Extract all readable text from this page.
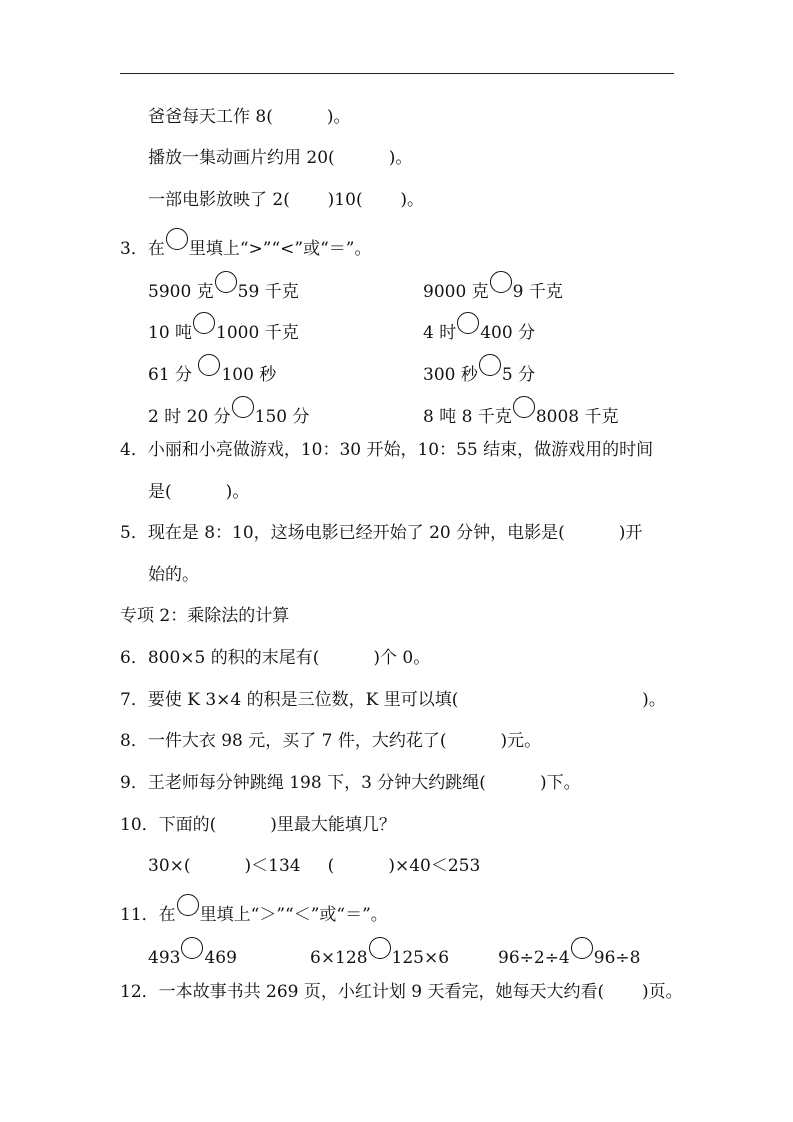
爸爸每天工作 8(          )。
播放一集动画片约用 20(          )。
一部电影放映了 2(       )10(       )。
3．在 里填上“>”“<”或“＝”。
5900 克 59 千克	9000 克 9 千克
10 吨 1000 千克	4 时 400 分
61 分 100 秒	300 秒 5 分
2 时 20 分 150 分	8 吨 8 千克 8008 千克
4．小丽和小亮做游戏，10：30 开始，10：55 结束，做游戏用的时间
是(          )。
5．现在是 8：10，这场电影已经开始了 20 分钟，电影是(          )开
始的。
专项 2：乘除法的计算
6．800×5 的积的末尾有(          )个 0。
7．要使 K 3×4 的积是三位数，K 里可以填(                                  )。
8．一件大衣 98 元，买了 7 件，大约花了(          )元。
9．王老师每分钟跳绳 198 下，3 分钟大约跳绳(          )下。
10．下面的(          )里最大能填几？
30×(          )＜134     (          )×40＜253
11．在 里填上“＞”“＜”或“＝”。
493 469	6×128 125×6	96÷2÷4 96÷8
12．一本故事书共 269 页，小红计划 9 天看完，她每天大约看(       )页。
